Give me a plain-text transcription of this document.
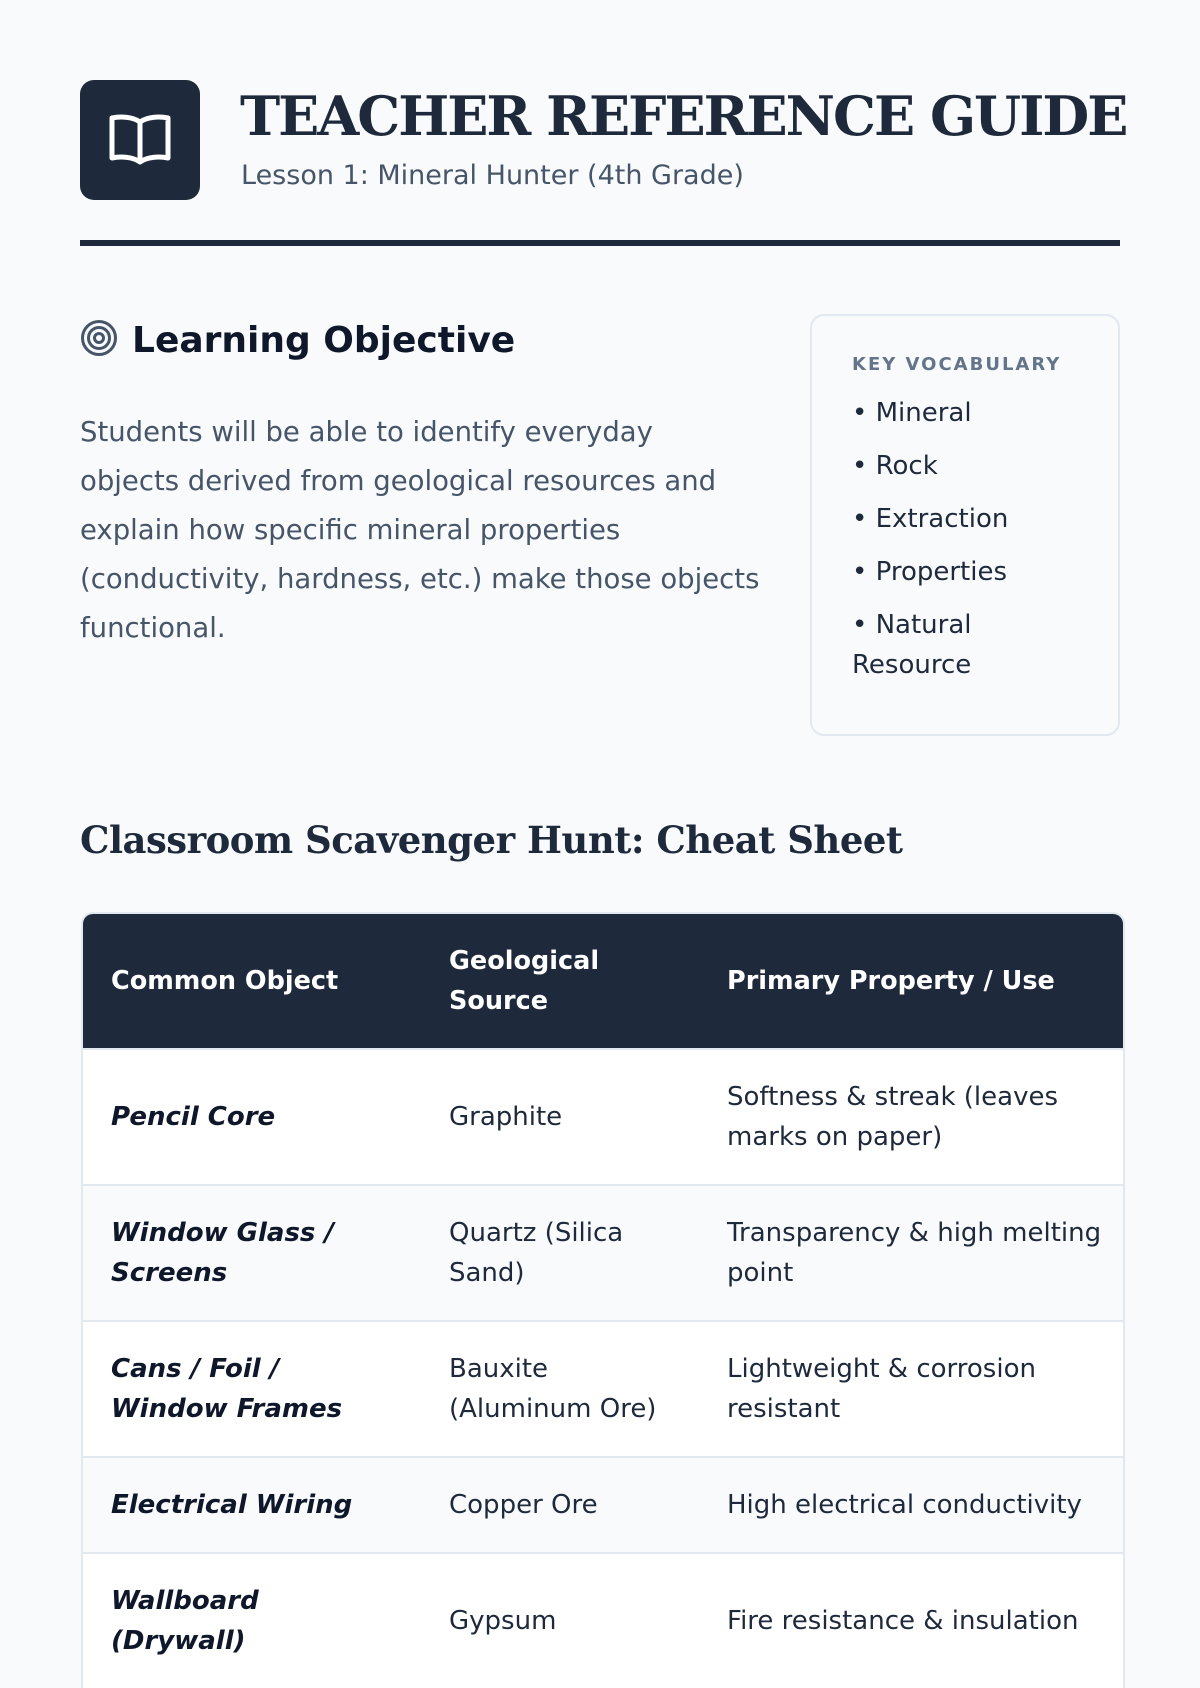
TEACHER REFERENCE GUIDE
Lesson 1: Mineral Hunter (4th Grade)
Learning Objective
Students will be able to identify everyday objects derived from geological resources and explain how specific mineral properties (conductivity, hardness, etc.) make those objects functional.
KEY VOCABULARY
• Mineral
• Rock
• Extraction
• Properties
• Natural Resource
Classroom Scavenger Hunt: Cheat Sheet
Common Object	Geological Source	Primary Property / Use
Pencil Core	Graphite	Softness & streak (leaves marks on paper)
Window Glass / Screens	Quartz (Silica Sand)	Transparency & high melting point
Cans / Foil / Window Frames	Bauxite (Aluminum Ore)	Lightweight & corrosion resistant
Electrical Wiring	Copper Ore	High electrical conductivity
Wallboard (Drywall)	Gypsum	Fire resistance & insulation
